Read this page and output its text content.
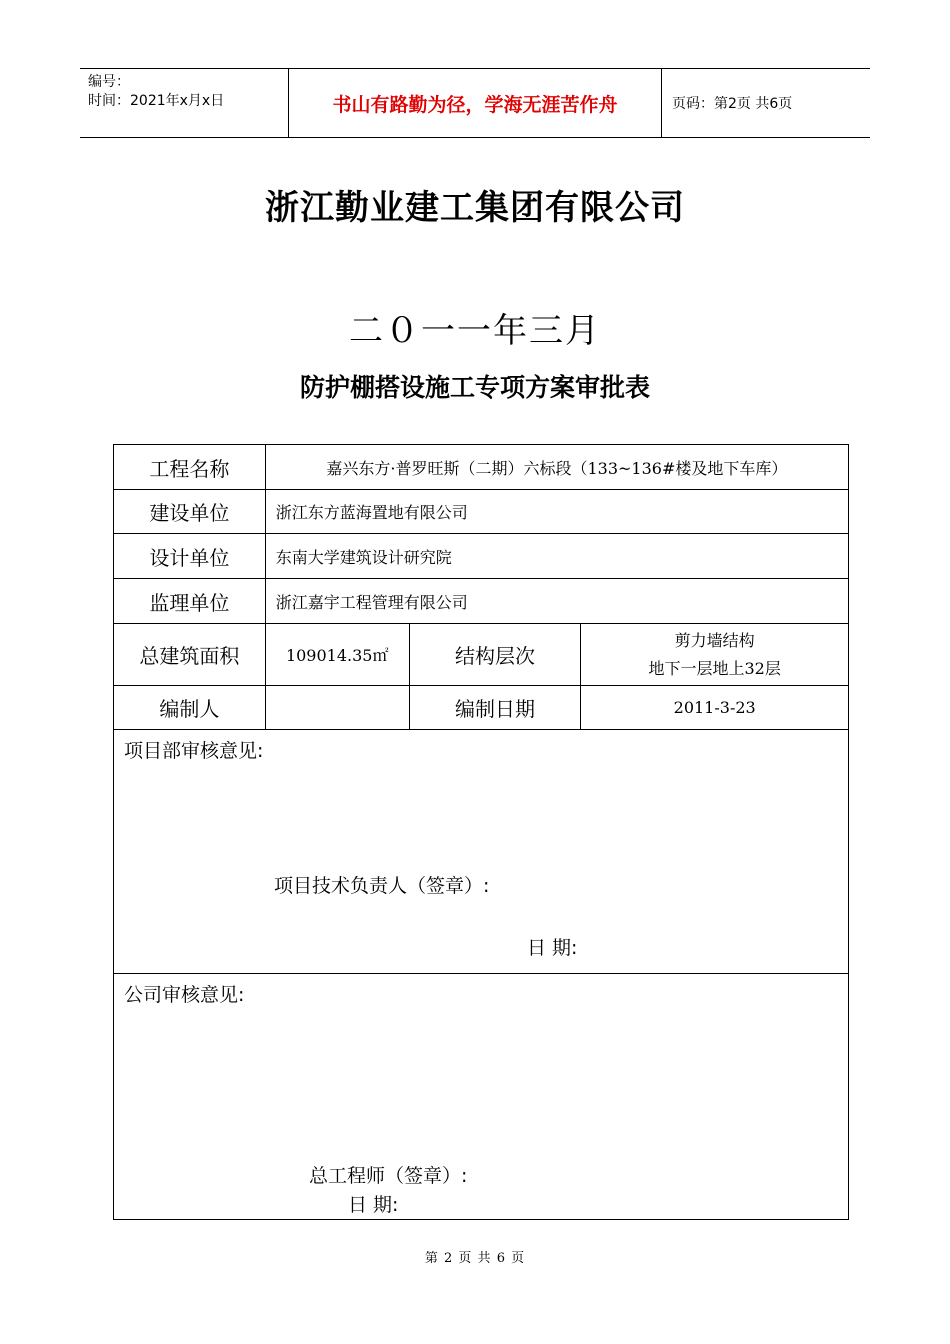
编号：
时间：2021年x月x日	书山有路勤为径，学海无涯苦作舟	页码：第2页 共6页
浙江勤业建工集团有限公司
二０一一年三月
防护棚搭设施工专项方案审批表
工程名称	嘉兴东方·普罗旺斯（二期）六标段（133~136#楼及地下车库）		
建设单位	浙江东方蓝海置地有限公司		
设计单位	东南大学建筑设计研究院		
监理单位	浙江嘉宇工程管理有限公司		
总建筑面积	109014.35㎡	结构层次	剪力墙结构
地下一层地上32层

编制人		编制日期	2011-3-23

项目部审核意见:
项目技术负责人（签章）:
日 期:			

公司审核意见:
总工程师（签章）:
日 期:			
第 2 页 共 6 页
